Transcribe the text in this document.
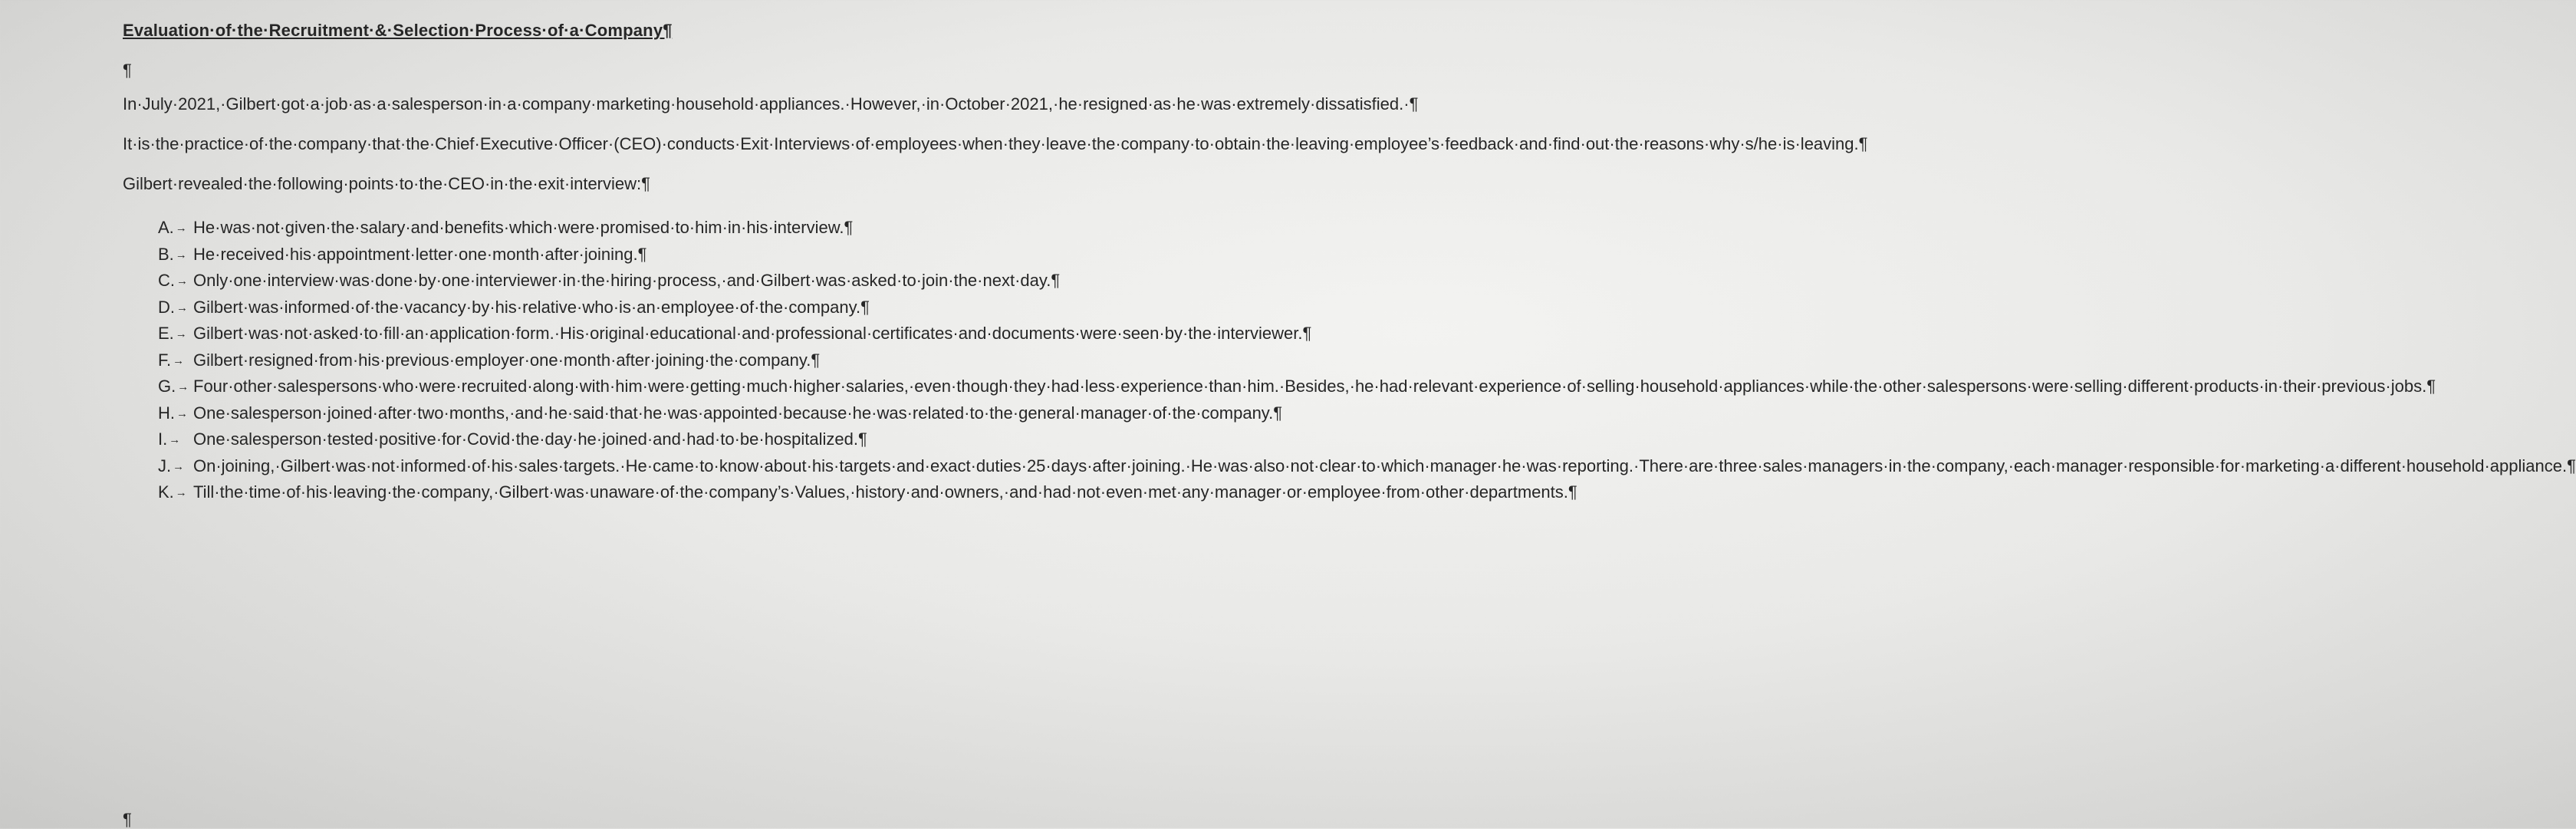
Evaluation·of·the·Recruitment·&·Selection·Process·of·a·Company¶

¶

In·July·2021,·Gilbert·got·a·job·as·a·salesperson·in·a·company·marketing·household·appliances.·However,·in·October·2021,·he·resigned·as·he·was·extremely·dissatisfied.·¶

It·is·the·practice·of·the·company·that·the·Chief·Executive·Officer·(CEO)·conducts·Exit·Interviews·of·employees·when·they·leave·the·company·to·obtain·the·leaving·employee’s·feedback·and·find·out·the·reasons·why·s/he·is·leaving.¶

Gilbert·revealed·the·following·points·to·the·CEO·in·the·exit·interview:¶

A. → He·was·not·given·the·salary·and·benefits·which·were·promised·to·him·in·his·interview.¶
B. → He·received·his·appointment·letter·one·month·after·joining.¶
C. → Only·one·interview·was·done·by·one·interviewer·in·the·hiring·process,·and·Gilbert·was·asked·to·join·the·next·day.¶
D. → Gilbert·was·informed·of·the·vacancy·by·his·relative·who·is·an·employee·of·the·company.¶
E. → Gilbert·was·not·asked·to·fill·an·application·form.·His·original·educational·and·professional·certificates·and·documents·were·seen·by·the·interviewer.¶
F. → Gilbert·resigned·from·his·previous·employer·one·month·after·joining·the·company.¶
G. → Four·other·salespersons·who·were·recruited·along·with·him·were·getting·much·higher·salaries,·even·though·they·had·less·experience·than·him.·Besides,·he·had·relevant·experience·of·selling·household·appliances·while·the·other·salespersons·were·selling·different·products·in·their·previous·jobs.¶
H. → One·salesperson·joined·after·two·months,·and·he·said·that·he·was·appointed·because·he·was·related·to·the·general·manager·of·the·company.¶
I. → One·salesperson·tested·positive·for·Covid·the·day·he·joined·and·had·to·be·hospitalized.¶
J. → On·joining,·Gilbert·was·not·informed·of·his·sales·targets.·He·came·to·know·about·his·targets·and·exact·duties·25·days·after·joining.·He·was·also·not·clear·to·which·manager·he·was·reporting.·There·are·three·sales·managers·in·the·company,·each·manager·responsible·for·marketing·a·different·household·appliance.¶
K. → Till·the·time·of·his·leaving·the·company,·Gilbert·was·unaware·of·the·company’s·Values,·history·and·owners,·and·had·not·even·met·any·manager·or·employee·from·other·departments.¶

¶
